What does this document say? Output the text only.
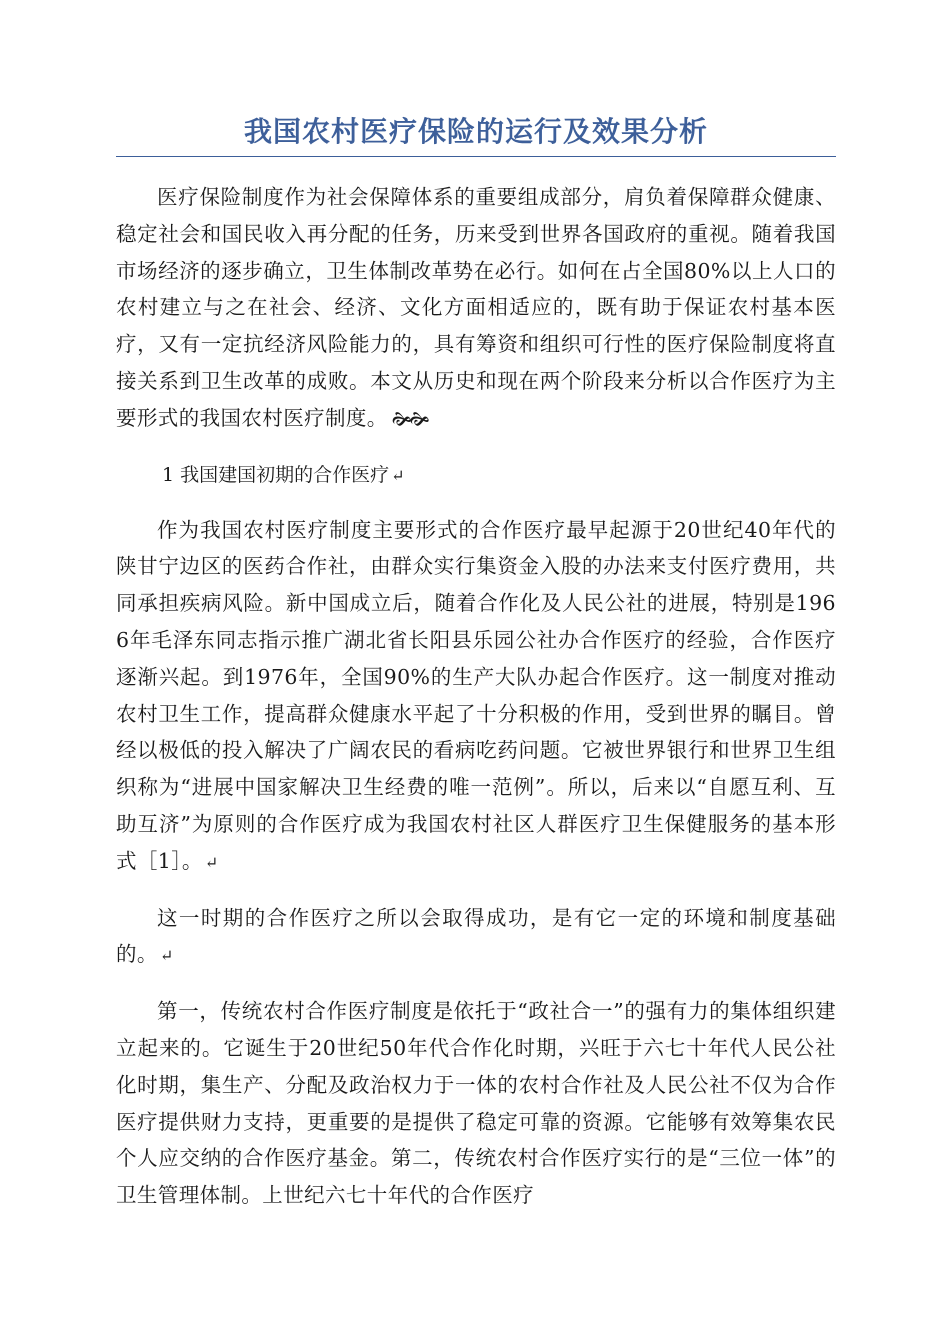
我国农村医疗保险的运行及效果分析

医疗保险制度作为社会保障体系的重要组成部分，肩负着保障群众健康、稳定社会和国民收入再分配的任务，历来受到世界各国政府的重视。随着我国市场经济的逐步确立，卫生体制改革势在必行。如何在占全国80%以上人口的农村建立与之在社会、经济、文化方面相适应的，既有助于保证农村基本医疗，又有一定抗经济风险能力的，具有筹资和组织可行性的医疗保险制度将直接关系到卫生改革的成败。本文从历史和现在两个阶段来分析以合作医疗为主要形式的我国农村医疗制度。 🙞🙞

1 我国建国初期的合作医疗 ↵

作为我国农村医疗制度主要形式的合作医疗最早起源于20世纪40年代的陕甘宁边区的医药合作社，由群众实行集资金入股的办法来支付医疗费用，共同承担疾病风险。新中国成立后，随着合作化及人民公社的进展，特别是1966年毛泽东同志指示推广湖北省长阳县乐园公社办合作医疗的经验，合作医疗逐渐兴起。到1976年，全国90%的生产大队办起合作医疗。这一制度对推动农村卫生工作，提高群众健康水平起了十分积极的作用，受到世界的瞩目。曾经以极低的投入解决了广阔农民的看病吃药问题。它被世界银行和世界卫生组织称为“进展中国家解决卫生经费的唯一范例”。所以，后来以“自愿互利、互助互济”为原则的合作医疗成为我国农村社区人群医疗卫生保健服务的基本形式［1］。 ↵

这一时期的合作医疗之所以会取得成功，是有它一定的环境和制度基础的。 ↵

第一，传统农村合作医疗制度是依托于“政社合一”的强有力的集体组织建立起来的。它诞生于20世纪50年代合作化时期，兴旺于六七十年代人民公社化时期，集生产、分配及政治权力于一体的农村合作社及人民公社不仅为合作医疗提供财力支持，更重要的是提供了稳定可靠的资源。它能够有效筹集农民个人应交纳的合作医疗基金。第二，传统农村合作医疗实行的是“三位一体”的卫生管理体制。上世纪六七十年代的合作医疗
